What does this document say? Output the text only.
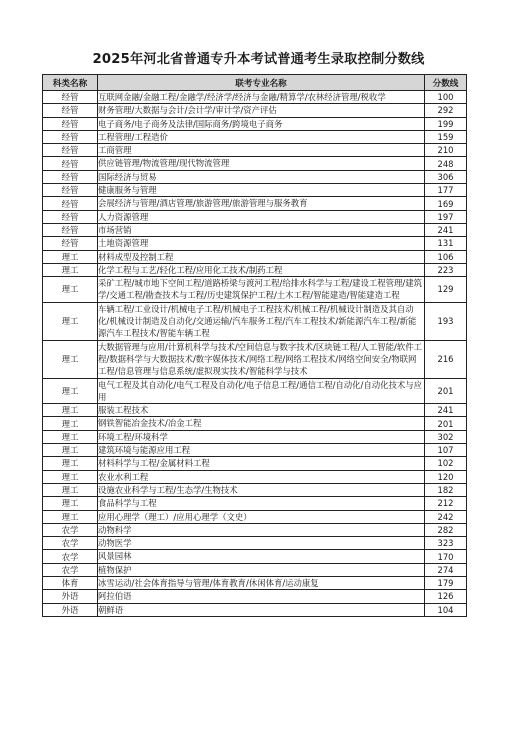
2025年河北省普通专升本考试普通考生录取控制分数线
科类名称	联考专业名称	分数线
经管	互联网金融/金融工程/金融学/经济学/经济与金融/精算学/农林经济管理/税收学	100
经管	财务管理/大数据与会计/会计学/审计学/资产评估	292
经管	电子商务/电子商务及法律/国际商务/跨境电子商务	199
经管	工程管理/工程造价	159
经管	工商管理	210
经管	供应链管理/物流管理/现代物流管理	248
经管	国际经济与贸易	306
经管	健康服务与管理	177
经管	会展经济与管理/酒店管理/旅游管理/旅游管理与服务教育	169
经管	人力资源管理	197
经管	市场营销	241
经管	土地资源管理	131
理工	材料成型及控制工程	106
理工	化学工程与工艺/轻化工程/应用化工技术/制药工程	223
理工	采矿工程/城市地下空间工程/道路桥梁与渡河工程/给排水科学与工程/建设工程管理/建筑学/交通工程/勘查技术与工程/历史建筑保护工程/土木工程/智能建造/智能建造工程	129
理工	车辆工程/工业设计/机械电子工程/机械电子工程技术/机械工程/机械设计制造及其自动化/机械设计制造及自动化/交通运输/汽车服务工程/汽车工程技术/新能源汽车工程/新能源汽车工程技术/智能车辆工程	193
理工	大数据管理与应用/计算机科学与技术/空间信息与数字技术/区块链工程/人工智能/软件工程/数据科学与大数据技术/数字媒体技术/网络工程/网络工程技术/网络空间安全/物联网工程/信息管理与信息系统/虚拟现实技术/智能科学与技术	216
理工	电气工程及其自动化/电气工程及自动化/电子信息工程/通信工程/自动化/自动化技术与应用	201
理工	服装工程技术	241
理工	钢铁智能冶金技术/冶金工程	201
理工	环境工程/环境科学	302
理工	建筑环境与能源应用工程	107
理工	材料科学与工程/金属材料工程	102
理工	农业水利工程	120
理工	设施农业科学与工程/生态学/生物技术	182
理工	食品科学与工程	212
理工	应用心理学（理工）/应用心理学（文史）	242
农学	动物科学	282
农学	动物医学	323
农学	风景园林	170
农学	植物保护	274
体育	冰雪运动/社会体育指导与管理/体育教育/休闲体育/运动康复	179
外语	阿拉伯语	126
外语	朝鲜语	104
